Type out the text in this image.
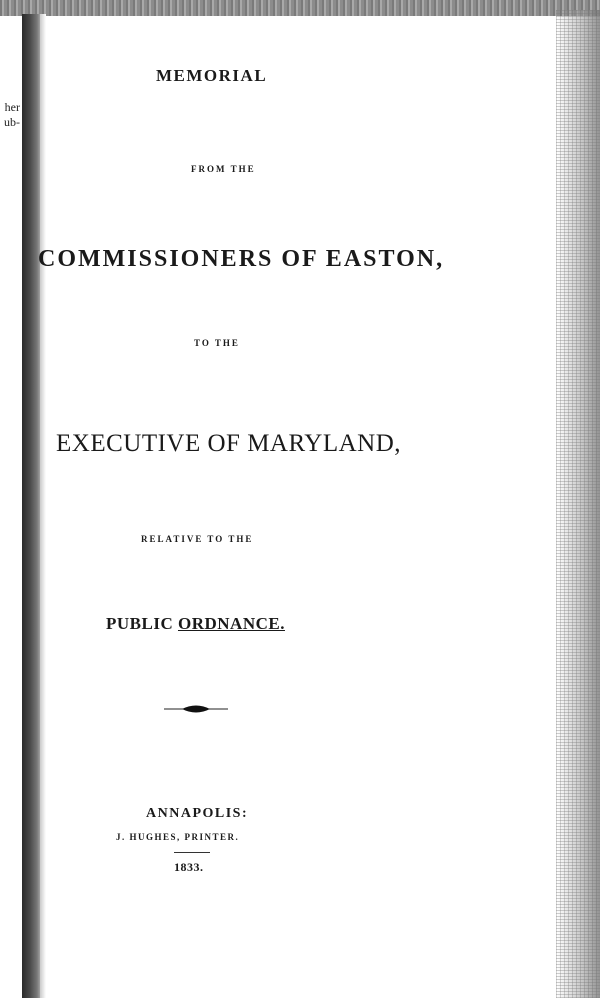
her
ub-
MEMORIAL
FROM THE
COMMISSIONERS OF EASTON,
TO THE
EXECUTIVE OF MARYLAND,
RELATIVE TO THE
PUBLIC ORDNANCE.
ANNAPOLIS:
J. HUGHES, PRINTER.
1833.
